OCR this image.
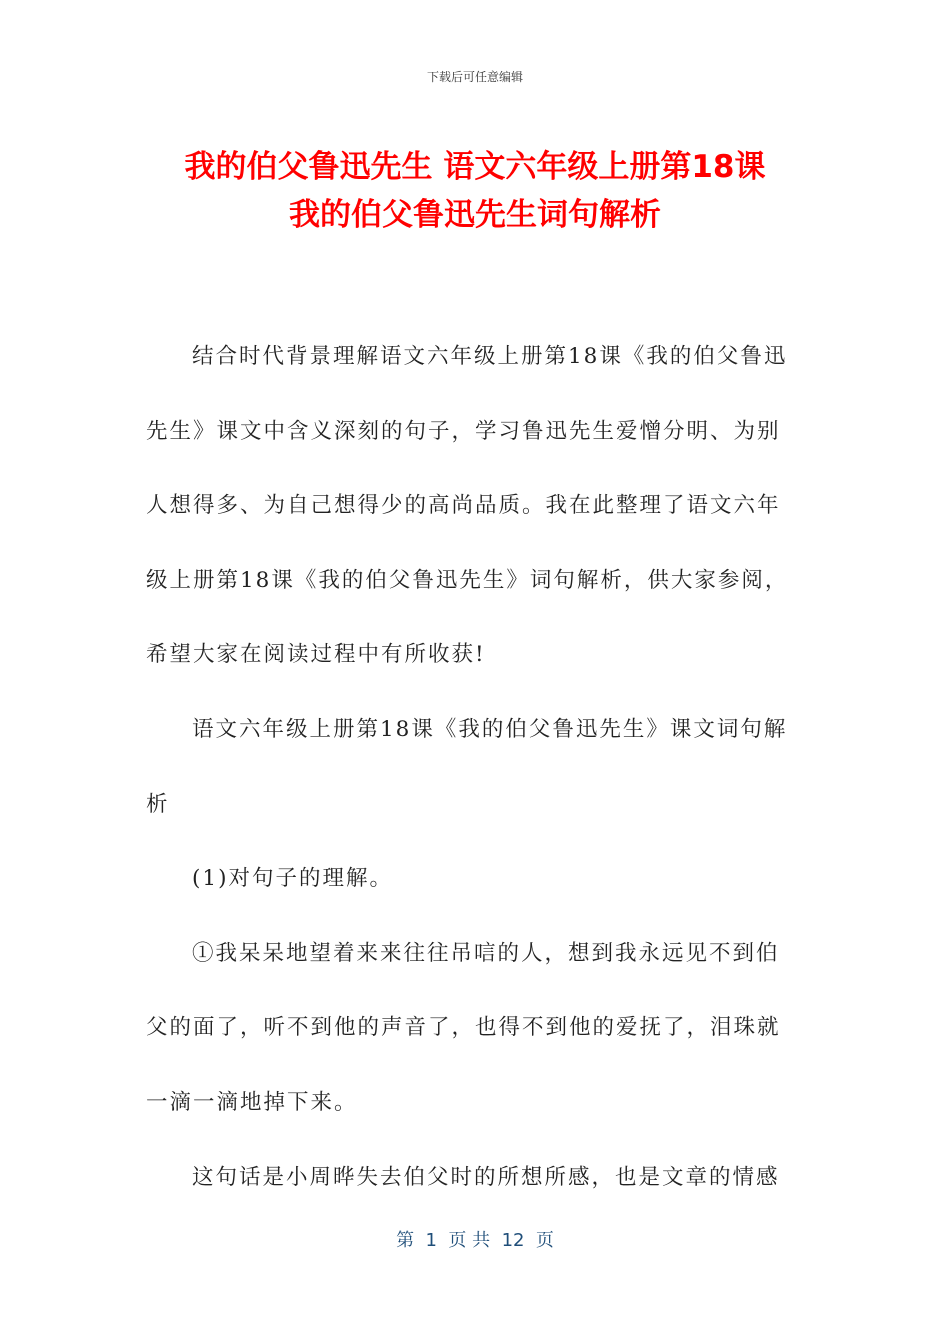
下载后可任意编辑
我的伯父鲁迅先生 语文六年级上册第18课
我的伯父鲁迅先生词句解析
结合时代背景理解语文六年级上册第18课《我的伯父鲁迅
先生》课文中含义深刻的句子，学习鲁迅先生爱憎分明、为别
人想得多、为自己想得少的高尚品质。我在此整理了语文六年
级上册第18课《我的伯父鲁迅先生》词句解析，供大家参阅，
希望大家在阅读过程中有所收获!
语文六年级上册第18课《我的伯父鲁迅先生》课文词句解
析
(1)对句子的理解。
①我呆呆地望着来来往往吊唁的人，想到我永远见不到伯
父的面了，听不到他的声音了，也得不到他的爱抚了，泪珠就
一滴一滴地掉下来。
这句话是小周晔失去伯父时的所想所感，也是文章的情感
第  1  页 共  12  页
